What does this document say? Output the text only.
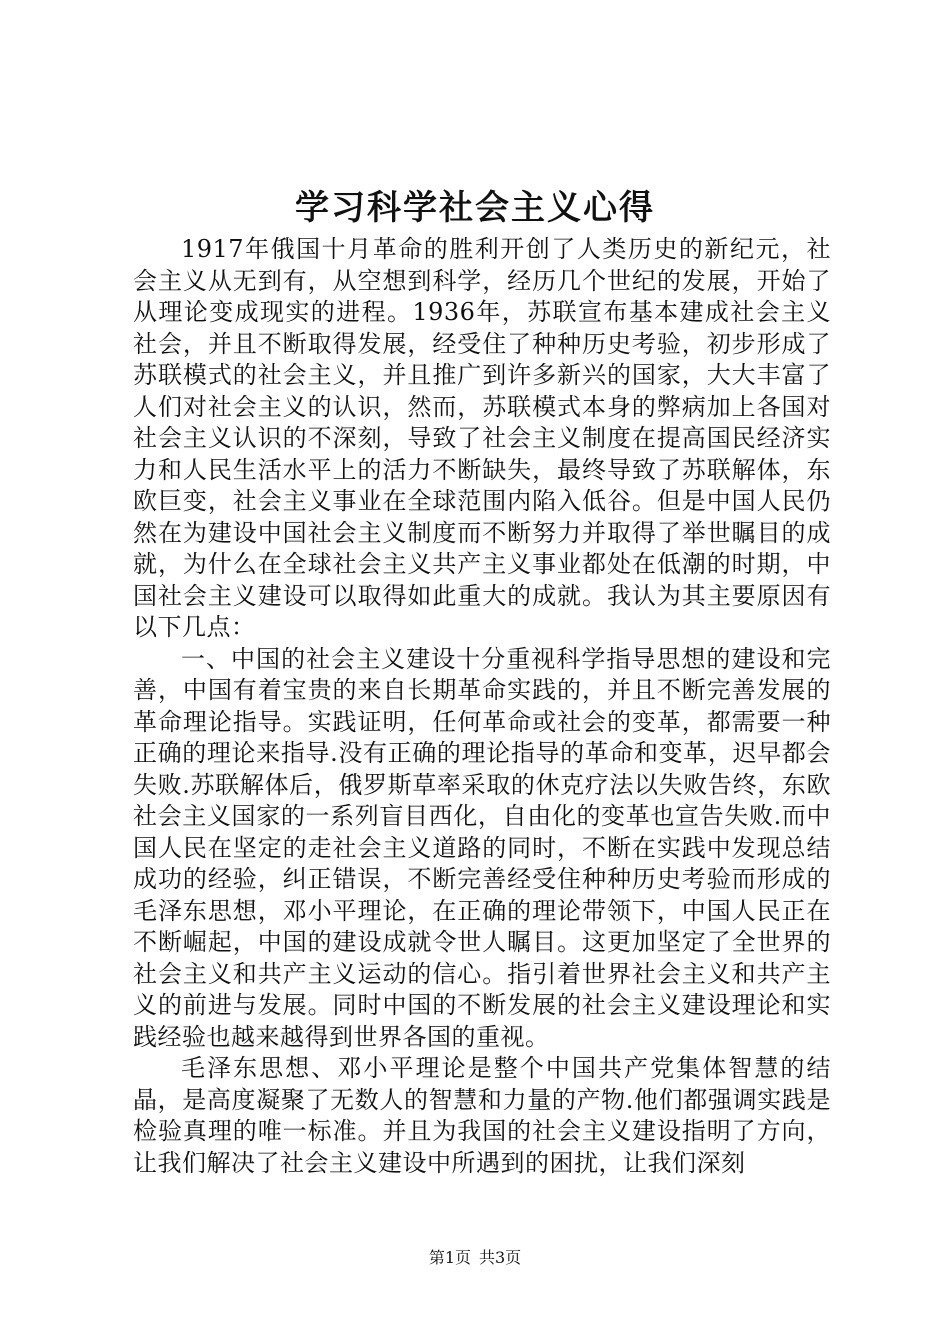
学习科学社会主义心得

1917年俄国十月革命的胜利开创了人类历史的新纪元，社会主义从无到有，从空想到科学，经历几个世纪的发展，开始了从理论变成现实的进程。1936年，苏联宣布基本建成社会主义社会，并且不断取得发展，经受住了种种历史考验，初步形成了苏联模式的社会主义，并且推广到许多新兴的国家，大大丰富了人们对社会主义的认识，然而，苏联模式本身的弊病加上各国对社会主义认识的不深刻，导致了社会主义制度在提高国民经济实力和人民生活水平上的活力不断缺失，最终导致了苏联解体，东欧巨变，社会主义事业在全球范围内陷入低谷。但是中国人民仍然在为建设中国社会主义制度而不断努力并取得了举世瞩目的成就，为什么在全球社会主义共产主义事业都处在低潮的时期，中国社会主义建设可以取得如此重大的成就。我认为其主要原因有以下几点：

一、中国的社会主义建设十分重视科学指导思想的建设和完善，中国有着宝贵的来自长期革命实践的，并且不断完善发展的革命理论指导。实践证明，任何革命或社会的变革，都需要一种正确的理论来指导.没有正确的理论指导的革命和变革，迟早都会失败.苏联解体后，俄罗斯草率采取的休克疗法以失败告终，东欧社会主义国家的一系列盲目西化，自由化的变革也宣告失败.而中国人民在坚定的走社会主义道路的同时，不断在实践中发现总结成功的经验，纠正错误，不断完善经受住种种历史考验而形成的毛泽东思想，邓小平理论，在正确的理论带领下，中国人民正在不断崛起，中国的建设成就令世人瞩目。这更加坚定了全世界的社会主义和共产主义运动的信心。指引着世界社会主义和共产主义的前进与发展。同时中国的不断发展的社会主义建设理论和实践经验也越来越得到世界各国的重视。

毛泽东思想、邓小平理论是整个中国共产党集体智慧的结晶，是高度凝聚了无数人的智慧和力量的产物.他们都强调实践是检验真理的唯一标准。并且为我国的社会主义建设指明了方向，让我们解决了社会主义建设中所遇到的困扰，让我们深刻

第1页 共3页
